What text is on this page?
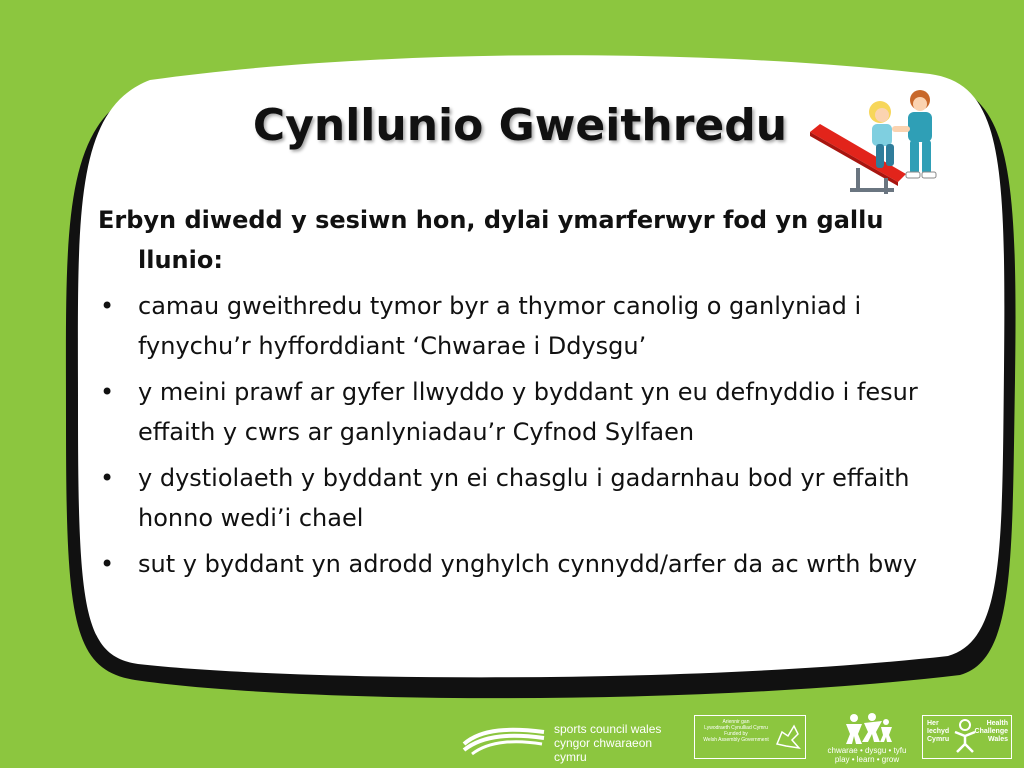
Cynllunio Gweithredu
Erbyn diwedd y sesiwn hon, dylai ymarferwyr fod yn gallu llunio:
• camau gweithredu tymor byr a thymor canolig o ganlyniad i fynychu’r hyfforddiant ‘Chwarae i Ddysgu’
• y meini prawf ar gyfer llwyddo y byddant yn eu defnyddio i fesur effaith y cwrs ar ganlyniadau’r Cyfnod Sylfaen
• y dystiolaeth y byddant yn ei chasglu i gadarnhau bod yr effaith honno wedi’i chael
• sut y byddant yn adrodd ynghylch cynnydd/arfer da ac wrth bwy
sports council wales
cyngor chwaraeon cymru
Ariennir gan
Lywodraeth Cynulliad Cymru
Funded by
Welsh Assembly Government
chwarae • dysgu • tyfu
play • learn • grow
Her
Iechyd
Cymru
Health
Challenge
Wales
